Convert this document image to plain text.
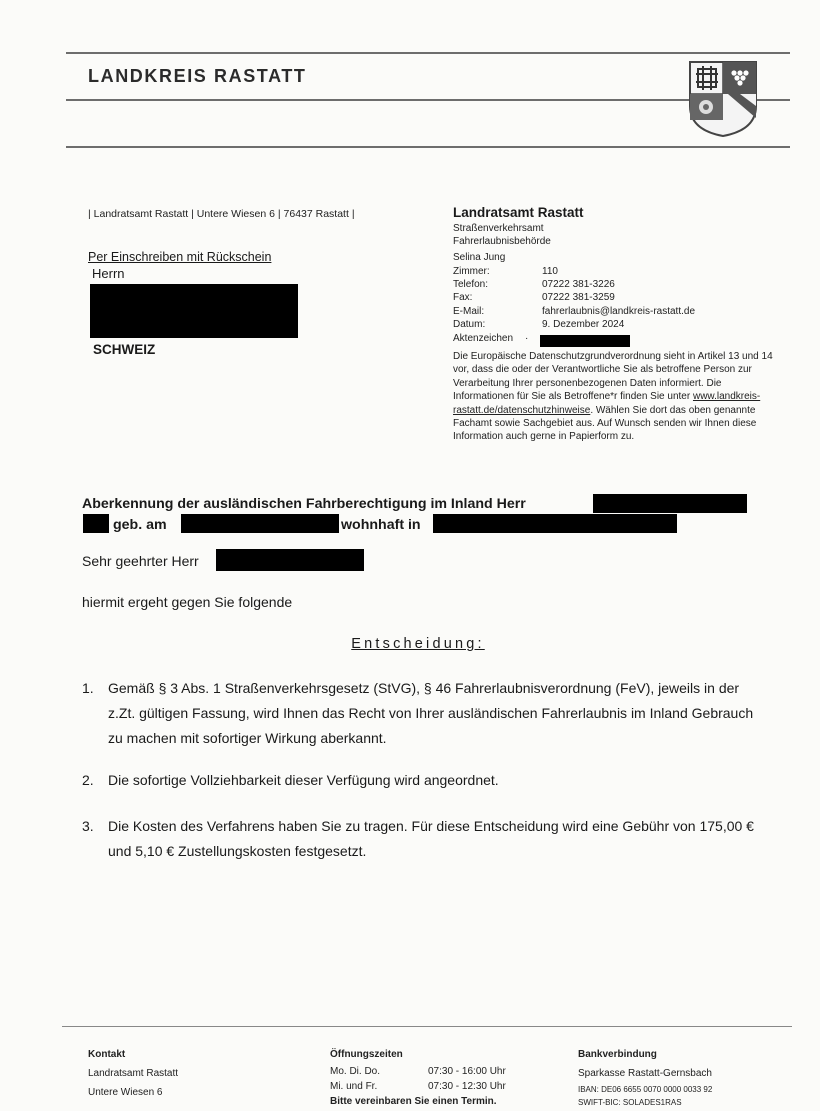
LANDKREIS RASTATT
| Landratsamt Rastatt | Untere Wiesen 6 | 76437 Rastatt |
Per Einschreiben mit Rückschein
Herrn
SCHWEIZ
Landratsamt Rastatt
Straßenverkehrsamt
Fahrerlaubnisbehörde
Selina Jung
Zimmer:	110
Telefon:	07222 381-3226
Fax:	07222 381-3259
E-Mail:	fahrerlaubnis@landkreis-rastatt.de
Datum:	9. Dezember 2024
Aktenzeichen ·
Die Europäische Datenschutzgrundverordnung sieht in Artikel 13 und 14 vor, dass die oder der Verantwortliche Sie als betroffene Person zur Verarbeitung Ihrer personenbezogenen Daten informiert. Die Informationen für Sie als Betroffene*r finden Sie unter www.landkreis-rastatt.de/datenschutzhinweise. Wählen Sie dort das oben genannte Fachamt sowie Sachgebiet aus. Auf Wunsch senden wir Ihnen diese Information auch gerne in Papierform zu.
Aberkennung der ausländischen Fahrberechtigung im Inland Herr
geb. am	wohnhaft in
Sehr geehrter Herr
hiermit ergeht gegen Sie folgende
Entscheidung:
1. Gemäß § 3 Abs. 1 Straßenverkehrsgesetz (StVG), § 46 Fahrerlaubnisverordnung (FeV), jeweils in der z.Zt. gültigen Fassung, wird Ihnen das Recht von Ihrer ausländischen Fahrerlaubnis im Inland Gebrauch zu machen mit sofortiger Wirkung aberkannt.
2. Die sofortige Vollziehbarkeit dieser Verfügung wird angeordnet.
3. Die Kosten des Verfahrens haben Sie zu tragen. Für diese Entscheidung wird eine Gebühr von 175,00 € und 5,10 € Zustellungskosten festgesetzt.
Kontakt
Landratsamt Rastatt
Untere Wiesen 6
Öffnungszeiten
Mo. Di. Do.	07:30 - 16:00 Uhr
Mi. und Fr.	07:30 - 12:30 Uhr
Bitte vereinbaren Sie einen Termin.
Bankverbindung
Sparkasse Rastatt-Gernsbach
IBAN: DE06 6655 0070 0000 0033 92
SWIFT-BIC: SOLADES1RAS
